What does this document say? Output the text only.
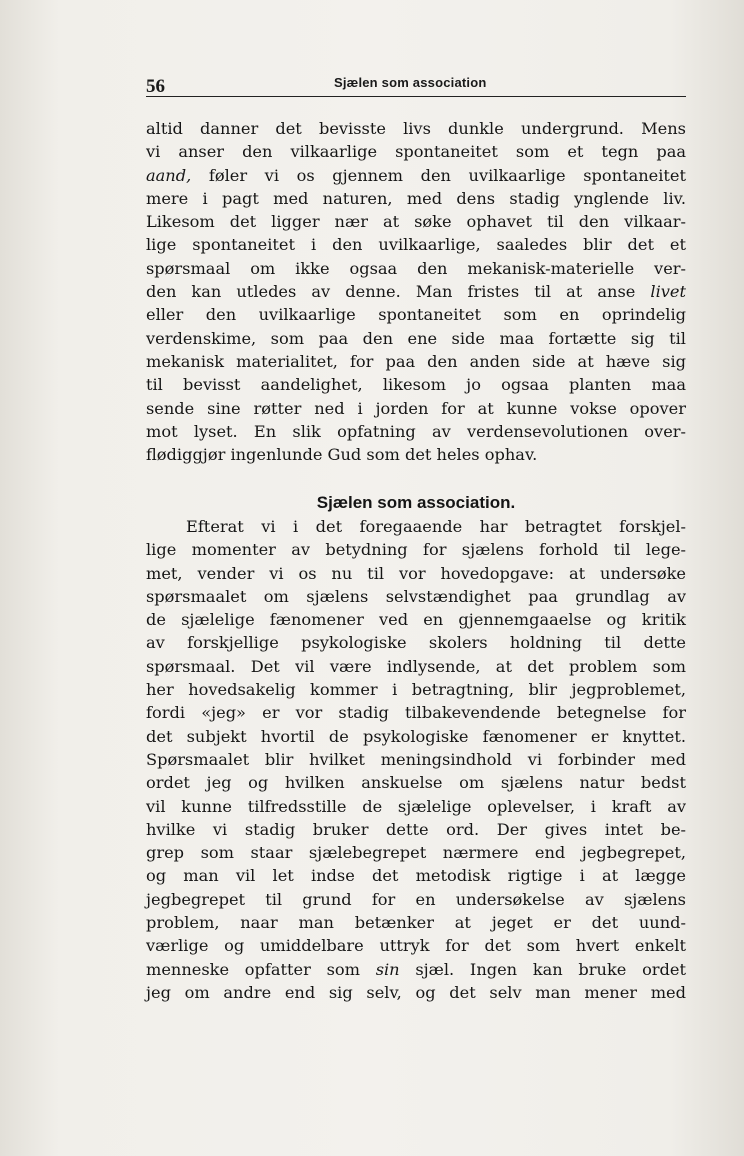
56	Sjælen som association
altid danner det bevisste livs dunkle undergrund. Mens
vi anser den vilkaarlige spontaneitet som et tegn paa
aand, føler vi os gjennem den uvilkaarlige spontaneitet
mere i pagt med naturen, med dens stadig ynglende liv.
Likesom det ligger nær at søke ophavet til den vilkaar-
lige spontaneitet i den uvilkaarlige, saaledes blir det et
spørsmaal om ikke ogsaa den mekanisk-materielle ver-
den kan utledes av denne. Man fristes til at anse livet
eller den uvilkaarlige spontaneitet som en oprindelig
verdenskime, som paa den ene side maa fortætte sig til
mekanisk materialitet, for paa den anden side at hæve sig
til bevisst aandelighet, likesom jo ogsaa planten maa
sende sine røtter ned i jorden for at kunne vokse opover
mot lyset. En slik opfatning av verdensevolutionen over-
flødiggjør ingenlunde Gud som det heles ophav.
Sjælen som association.
Efterat vi i det foregaaende har betragtet forskjel-
lige momenter av betydning for sjælens forhold til lege-
met, vender vi os nu til vor hovedopgave: at undersøke
spørsmaalet om sjælens selvstændighet paa grundlag av
de sjælelige fænomener ved en gjennemgaaelse og kritik
av forskjellige psykologiske skolers holdning til dette
spørsmaal. Det vil være indlysende, at det problem som
her hovedsakelig kommer i betragtning, blir jegproblemet,
fordi «jeg» er vor stadig tilbakevendende betegnelse for
det subjekt hvortil de psykologiske fænomener er knyttet.
Spørsmaalet blir hvilket meningsindhold vi forbinder med
ordet jeg og hvilken anskuelse om sjælens natur bedst
vil kunne tilfredsstille de sjælelige oplevelser, i kraft av
hvilke vi stadig bruker dette ord. Der gives intet be-
grep som staar sjælebegrepet nærmere end jegbegrepet,
og man vil let indse det metodisk rigtige i at lægge
jegbegrepet til grund for en undersøkelse av sjælens
problem, naar man betænker at jeget er det uund-
værlige og umiddelbare uttryk for det som hvert enkelt
menneske opfatter som sin sjæl. Ingen kan bruke ordet
jeg om andre end sig selv, og det selv man mener med
